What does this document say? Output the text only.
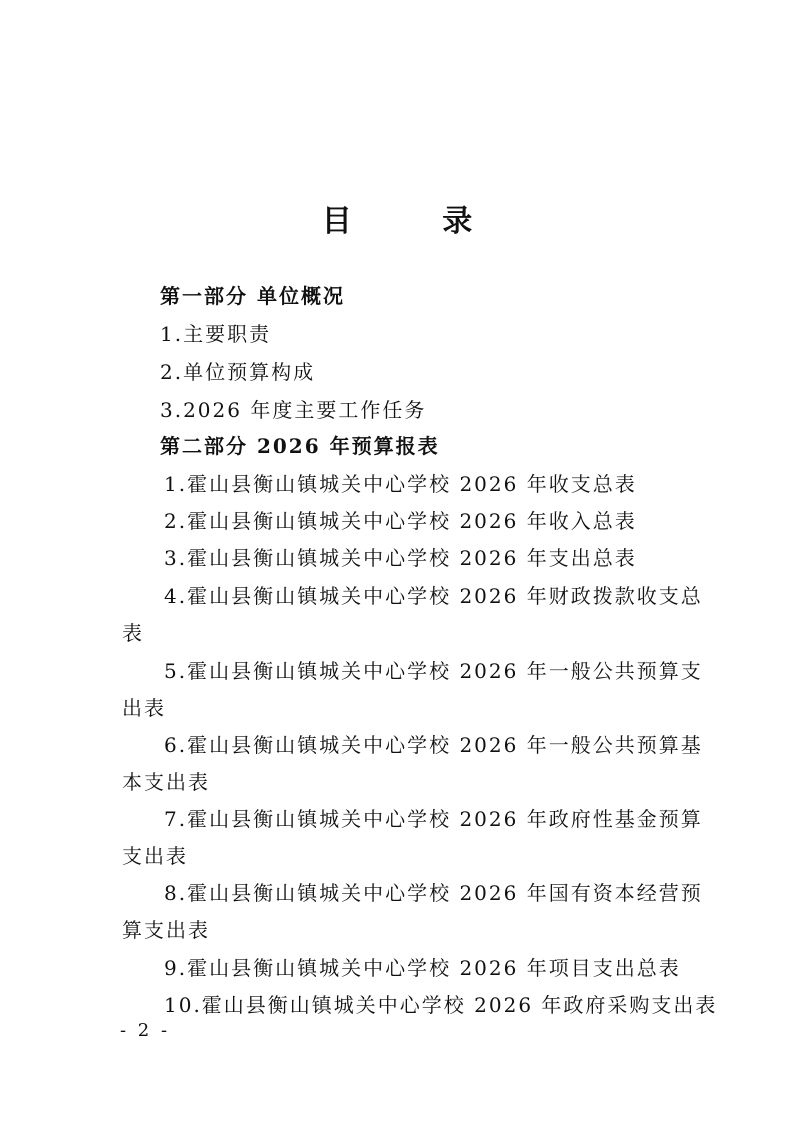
目 录
第一部分 单位概况
1.主要职责
2.单位预算构成
3.2026 年度主要工作任务
第二部分 2026 年预算报表
1.霍山县衡山镇城关中心学校 2026 年收支总表
2.霍山县衡山镇城关中心学校 2026 年收入总表
3.霍山县衡山镇城关中心学校 2026 年支出总表
4.霍山县衡山镇城关中心学校 2026 年财政拨款收支总
表
5.霍山县衡山镇城关中心学校 2026 年一般公共预算支
出表
6.霍山县衡山镇城关中心学校 2026 年一般公共预算基
本支出表
7.霍山县衡山镇城关中心学校 2026 年政府性基金预算
支出表
8.霍山县衡山镇城关中心学校 2026 年国有资本经营预
算支出表
9.霍山县衡山镇城关中心学校 2026 年项目支出总表
10.霍山县衡山镇城关中心学校 2026 年政府采购支出表
- 2 -
